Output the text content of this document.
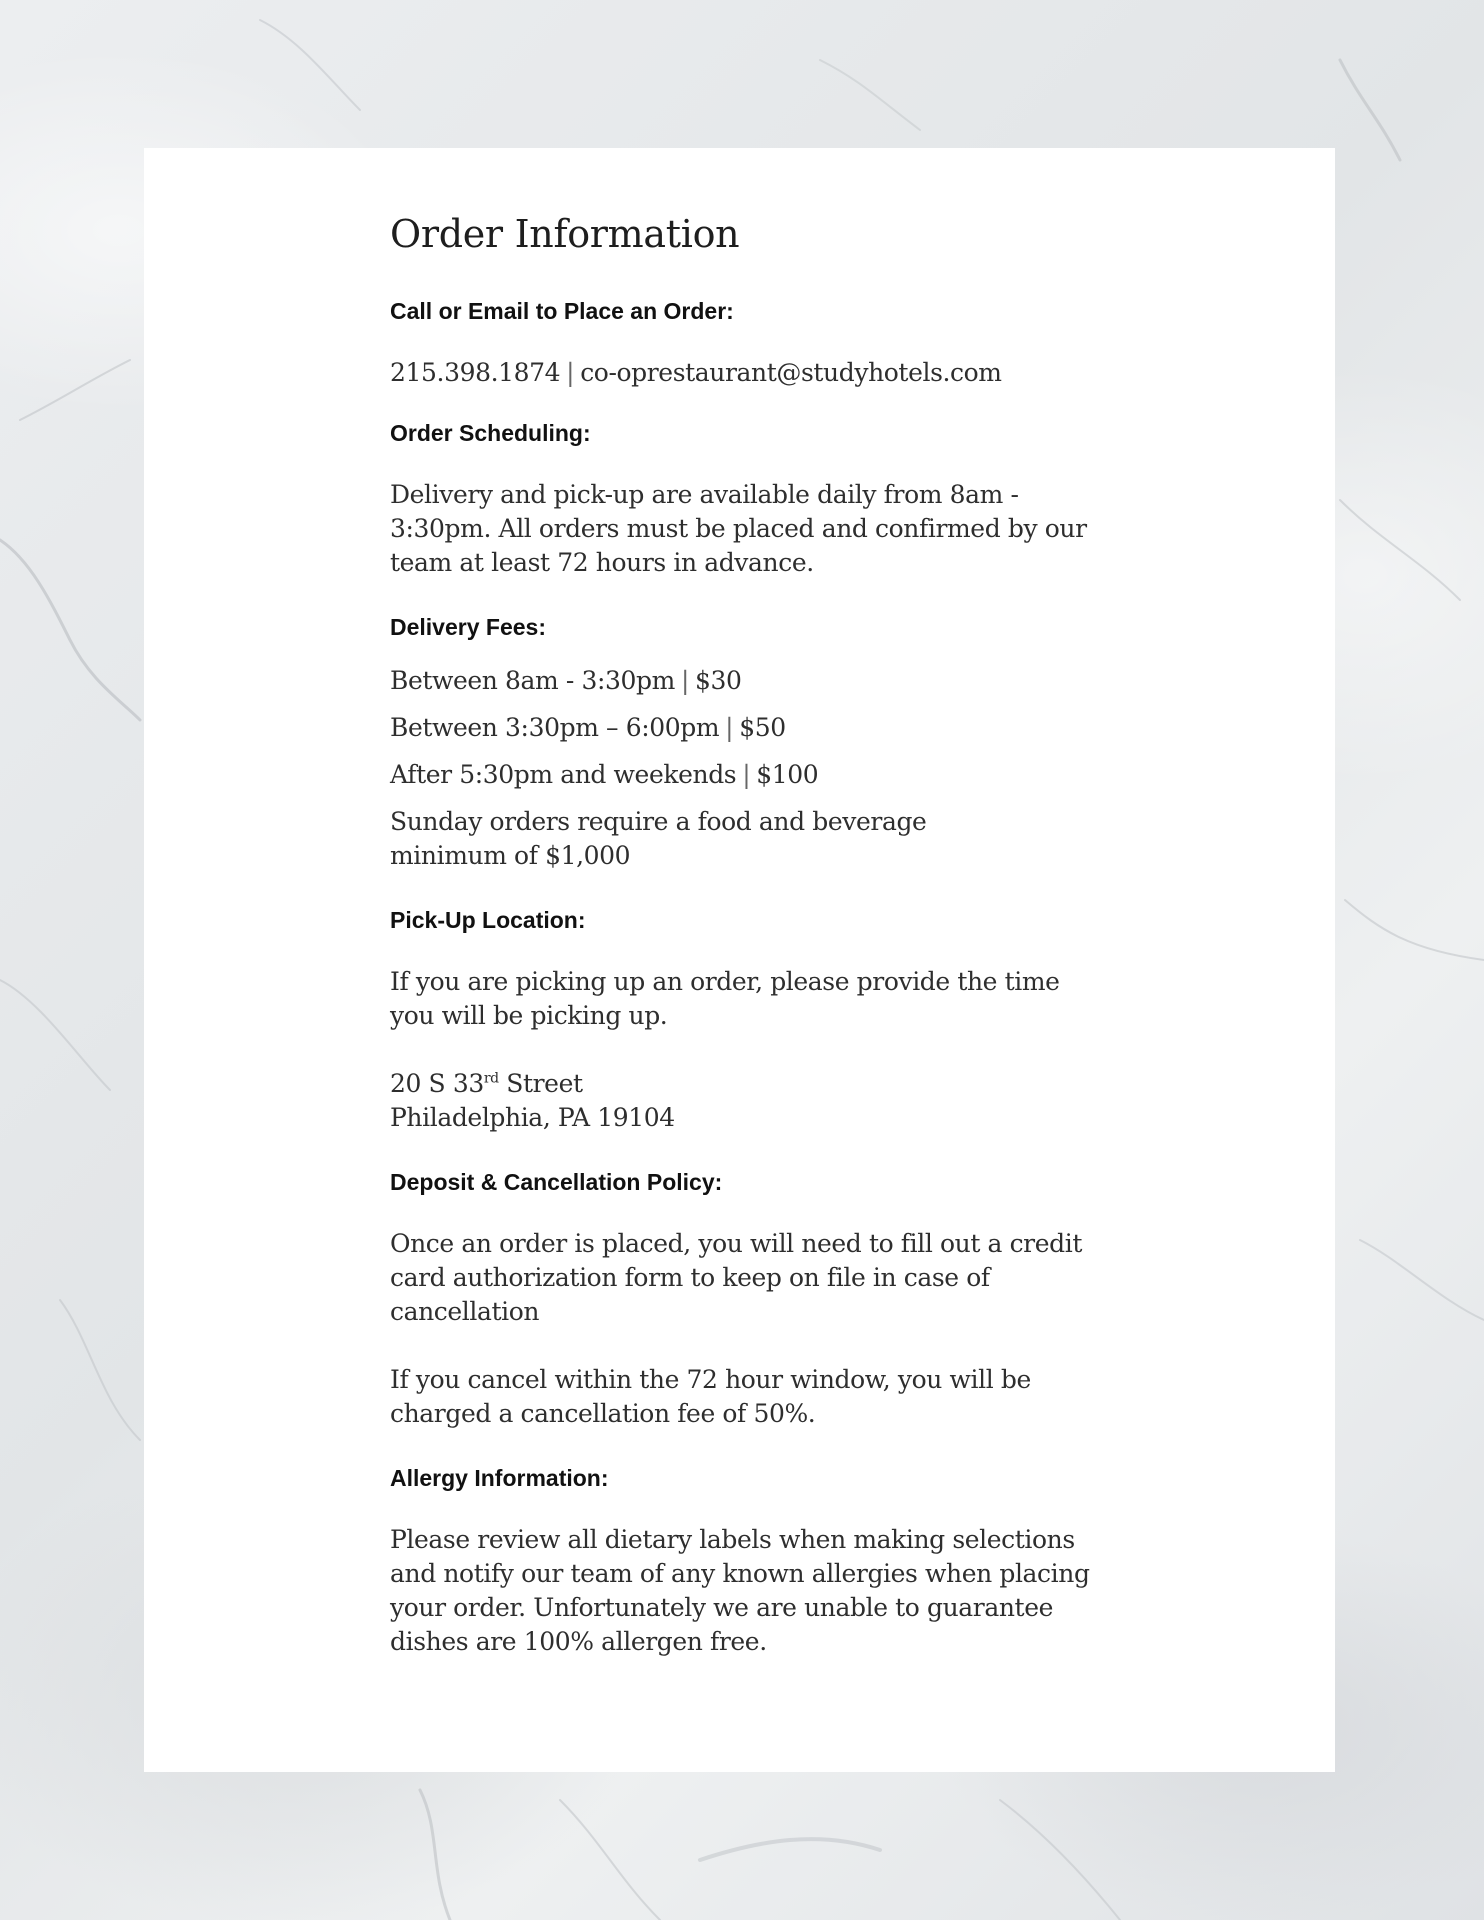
Order Information
Call or Email to Place an Order:
215.398.1874 | co-oprestaurant@studyhotels.com
Order Scheduling:

Delivery and pick-up are available daily from 8am - 3:30pm. All orders must be placed and confirmed by our team at least 72 hours in advance.

Delivery Fees:
Between 8am - 3:30pm | $30
Between 3:30pm – 6:00pm | $50
After 5:30pm and weekends | $100

Sunday orders require a food and beverage minimum of $1,000

Pick-Up Location:

If you are picking up an order, please provide the time you will be picking up.

20 S 33rd Street
Philadelphia, PA 19104

Deposit & Cancellation Policy:

Once an order is placed, you will need to fill out a credit card authorization form to keep on file in case of cancellation

If you cancel within the 72 hour window, you will be charged a cancellation fee of 50%.

Allergy Information:

Please review all dietary labels when making selections and notify our team of any known allergies when placing your order. Unfortunately we are unable to guarantee dishes are 100% allergen free.
